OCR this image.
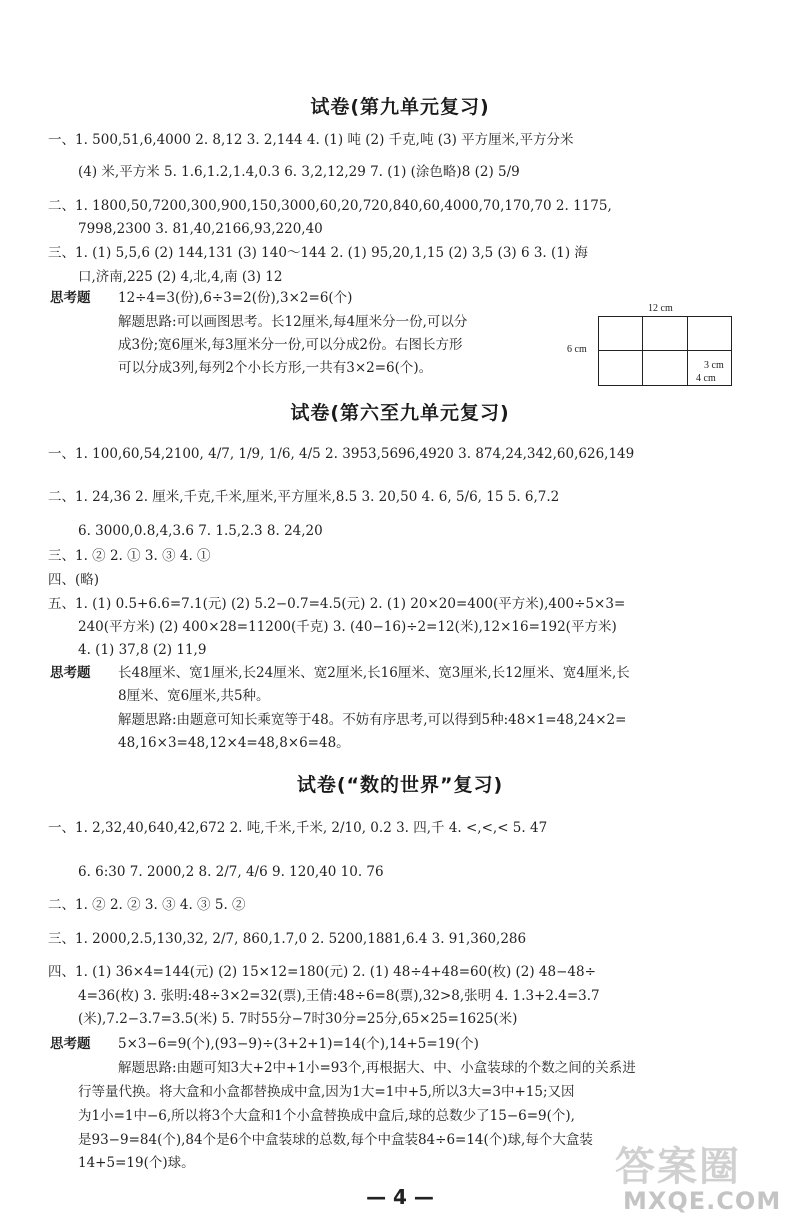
试卷(第九单元复习)
一、1. 500,51,6,4000 2. 8,12 3. 2,144 4. (1) 吨 (2) 千克,吨 (3) 平方厘米,平方分米
(4) 米,平方米 5. 1.6,1.2,1.4,0.3 6. 3,2,12,29 7. (1) (涂色略)8 (2) 5/9
二、1. 1800,50,7200,300,900,150,3000,60,20,720,840,60,4000,70,170,70 2. 1175,
7998,2300 3. 81,40,2166,93,220,40
三、1. (1) 5,5,6 (2) 144,131 (3) 140～144 2. (1) 95,20,1,15 (2) 3,5 (3) 6 3. (1) 海
口,济南,225 (2) 4,北,4,南 (3) 12
思考题 12÷4=3(份),6÷3=2(份),3×2=6(个)
解题思路:可以画图思考。长12厘米,每4厘米分一份,可以分
成3份;宽6厘米,每3厘米分一份,可以分成2份。右图长方形
可以分成3列,每列2个小长方形,一共有3×2=6(个)。
12 cm
6 cm
3 cm
4 cm
试卷(第六至九单元复习)
一、1. 100,60,54,2100, 4/7, 1/9, 1/6, 4/5 2. 3953,5696,4920 3. 874,24,342,60,626,149
二、1. 24,36 2. 厘米,千克,千米,厘米,平方厘米,8.5 3. 20,50 4. 6, 5/6, 15 5. 6,7.2
6. 3000,0.8,4,3.6 7. 1.5,2.3 8. 24,20
三、1. ② 2. ① 3. ③ 4. ①
四、(略)
五、1. (1) 0.5+6.6=7.1(元) (2) 5.2−0.7=4.5(元) 2. (1) 20×20=400(平方米),400÷5×3=
240(平方米) (2) 400×28=11200(千克) 3. (40−16)÷2=12(米),12×16=192(平方米)
4. (1) 37,8 (2) 11,9
思考题 长48厘米、宽1厘米,长24厘米、宽2厘米,长16厘米、宽3厘米,长12厘米、宽4厘米,长
8厘米、宽6厘米,共5种。
解题思路:由题意可知长乘宽等于48。不妨有序思考,可以得到5种:48×1=48,24×2=
48,16×3=48,12×4=48,8×6=48。
试卷(“数的世界”复习)
一、1. 2,32,40,640,42,672 2. 吨,千米,千米, 2/10, 0.2 3. 四,千 4. <,<,< 5. 47
6. 6:30 7. 2000,2 8. 2/7, 4/6 9. 120,40 10. 76
二、1. ② 2. ② 3. ③ 4. ③ 5. ②
三、1. 2000,2.5,130,32, 2/7, 860,1.7,0 2. 5200,1881,6.4 3. 91,360,286
四、1. (1) 36×4=144(元) (2) 15×12=180(元) 2. (1) 48÷4+48=60(枚) (2) 48−48÷
4=36(枚) 3. 张明:48÷3×2=32(票),王倩:48÷6=8(票),32>8,张明 4. 1.3+2.4=3.7
(米),7.2−3.7=3.5(米) 5. 7时55分−7时30分=25分,65×25=1625(米)
思考题 5×3−6=9(个),(93−9)÷(3+2+1)=14(个),14+5=19(个)
解题思路:由题可知3大+2中+1小=93个,再根据大、中、小盒装球的个数之间的关系进
行等量代换。将大盒和小盒都替换成中盒,因为1大=1中+5,所以3大=3中+15;又因
为1小=1中−6,所以将3个大盒和1个小盒替换成中盒后,球的总数少了15−6=9(个),
是93−9=84(个),84个是6个中盒装球的总数,每个中盒装84÷6=14(个)球,每个大盒装
14+5=19(个)球。
— 4 —
答案圈
MXQE.COM
